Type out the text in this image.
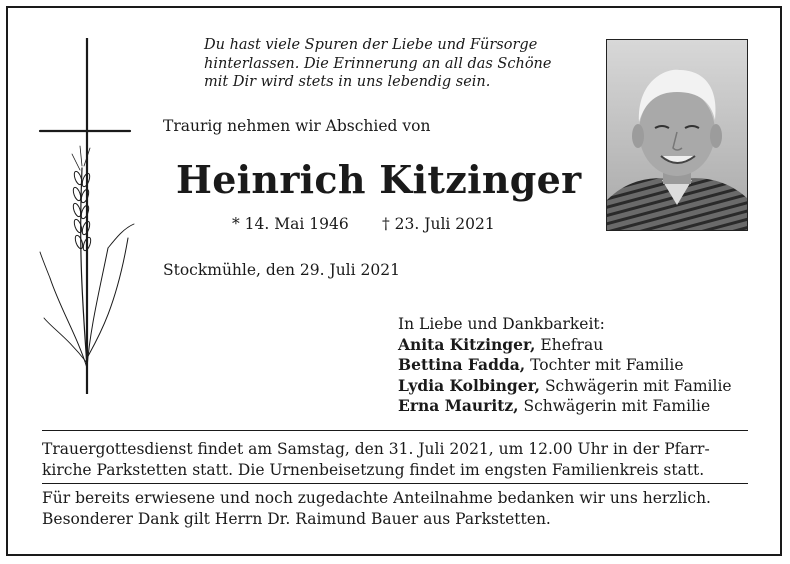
Du hast viele Spuren der Liebe und Fürsorge
hinterlassen. Die Erinnerung an all das Schöne
mit Dir wird stets in uns lebendig sein.
Traurig nehmen wir Abschied von
Heinrich Kitzinger
* 14. Mai 1946 † 23. Juli 2021
Stockmühle, den 29. Juli 2021
In Liebe und Dankbarkeit:
Anita Kitzinger, Ehefrau
Bettina Fadda, Tochter mit Familie
Lydia Kolbinger, Schwägerin mit Familie
Erna Mauritz, Schwägerin mit Familie
Trauergottesdienst findet am Samstag, den 31. Juli 2021, um 12.00 Uhr in der Pfarr-
kirche Parkstetten statt. Die Urnenbeisetzung findet im engsten Familienkreis statt.
Für bereits erwiesene und noch zugedachte Anteilnahme bedanken wir uns herzlich.
Besonderer Dank gilt Herrn Dr. Raimund Bauer aus Parkstetten.
